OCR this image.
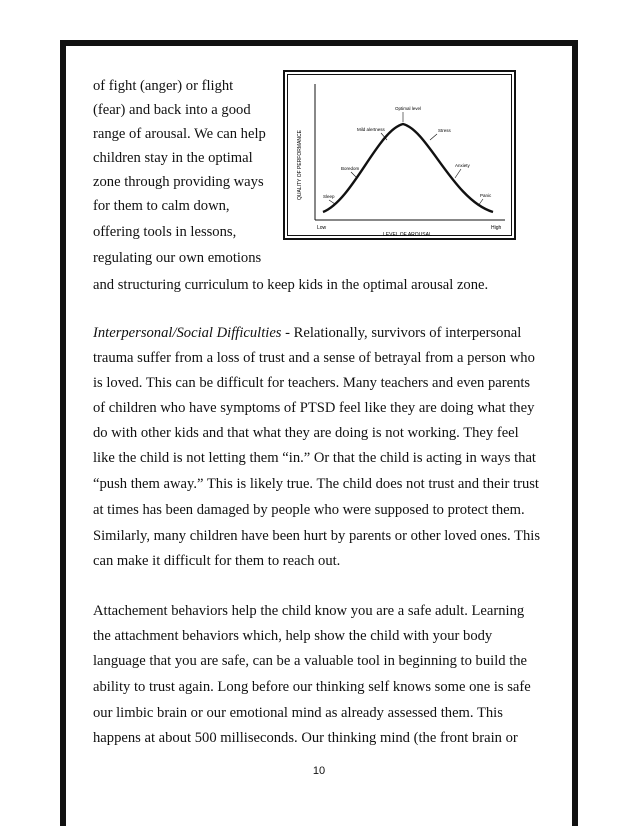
of fight (anger) or flight
(fear) and back into a good
range of arousal. We can help
children stay in the optimal
zone through providing ways
for them to calm down,
offering tools in lessons,
regulating our own emotions
and structuring curriculum to keep kids in the optimal arousal zone.
Interpersonal/Social Difficulties - Relationally, survivors of interpersonal
trauma suffer from a loss of trust and a sense of betrayal from a person who
is loved. This can be difficult for teachers. Many teachers and even parents
of children who have symptoms of PTSD feel like they are doing what they
do with other kids and that what they are doing is not working. They feel
like the child is not letting them “in.” Or that the child is acting in ways that
“push them away.” This is likely true. The child does not trust and their trust
at times has been damaged by people who were supposed to protect them.
Similarly, many children have been hurt by parents or other loved ones. This
can make it difficult for them to reach out.
Attachement behaviors help the child know you are a safe adult. Learning
the attachment behaviors which, help show the child with your body
language that you are safe, can be a valuable tool in beginning to build the
ability to trust again. Long before our thinking self knows some one is safe
our limbic brain or our emotional mind as already assessed them. This
happens at about 500 milliseconds. Our thinking mind (the front brain or
10
QUALITY OF PERFORMANCE
LEVEL OF AROUSAL
Low	High
Sleep
Boredom
Mild alertness
Optimal level
Stress
Anxiety
Panic
